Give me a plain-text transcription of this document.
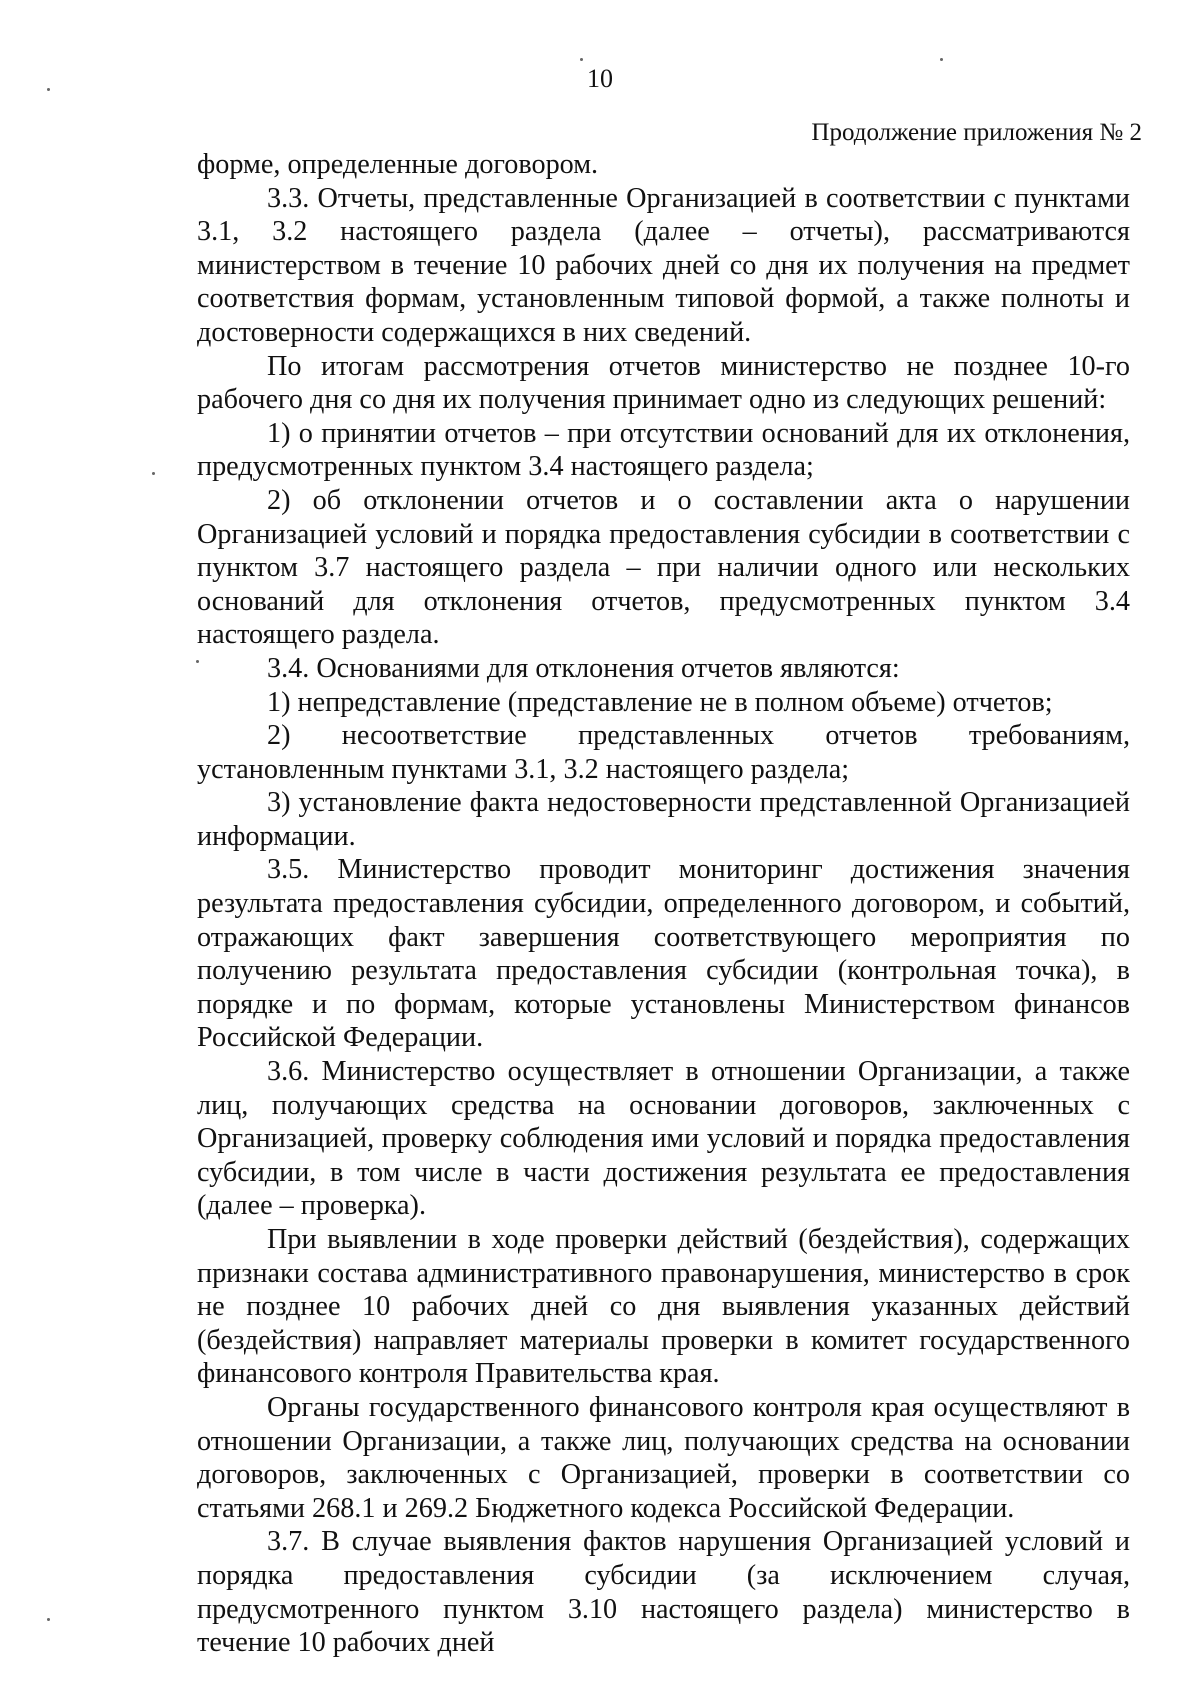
10
Продолжение приложения № 2

форме, определенные договором.

3.3. Отчеты, представленные Организацией в соответствии с пунктами 3.1, 3.2 настоящего раздела (далее – отчеты), рассматриваются министерством в течение 10 рабочих дней со дня их получения на предмет соответствия формам, установленным типовой формой, а также полноты и достоверности содержащихся в них сведений.

По итогам рассмотрения отчетов министерство не позднее 10-го рабочего дня со дня их получения принимает одно из следующих решений:

1) о принятии отчетов – при отсутствии оснований для их отклонения, предусмотренных пунктом 3.4 настоящего раздела;

2) об отклонении отчетов и о составлении акта о нарушении Организацией условий и порядка предоставления субсидии в соответствии с пунктом 3.7 настоящего раздела – при наличии одного или нескольких оснований для отклонения отчетов, предусмотренных пунктом 3.4 настоящего раздела.

3.4. Основаниями для отклонения отчетов являются:

1) непредставление (представление не в полном объеме) отчетов;

2) несоответствие представленных отчетов требованиям, установленным пунктами 3.1, 3.2 настоящего раздела;

3) установление факта недостоверности представленной Организацией информации.

3.5. Министерство проводит мониторинг достижения значения результата предоставления субсидии, определенного договором, и событий, отражающих факт завершения соответствующего мероприятия по получению результата предоставления субсидии (контрольная точка), в порядке и по формам, которые установлены Министерством финансов Российской Федерации.

3.6. Министерство осуществляет в отношении Организации, а также лиц, получающих средства на основании договоров, заключенных с Организацией, проверку соблюдения ими условий и порядка предоставления субсидии, в том числе в части достижения результата ее предоставления (далее – проверка).

При выявлении в ходе проверки действий (бездействия), содержащих признаки состава административного правонарушения, министерство в срок не позднее 10 рабочих дней со дня выявления указанных действий (бездействия) направляет материалы проверки в комитет государственного финансового контроля Правительства края.

Органы государственного финансового контроля края осуществляют в отношении Организации, а также лиц, получающих средства на основании договоров, заключенных с Организацией, проверки в соответствии со статьями 268.1 и 269.2 Бюджетного кодекса Российской Федерации.

3.7. В случае выявления фактов нарушения Организацией условий и порядка предоставления субсидии (за исключением случая, предусмотренного пунктом 3.10 настоящего раздела) министерство в течение 10 рабочих дней
